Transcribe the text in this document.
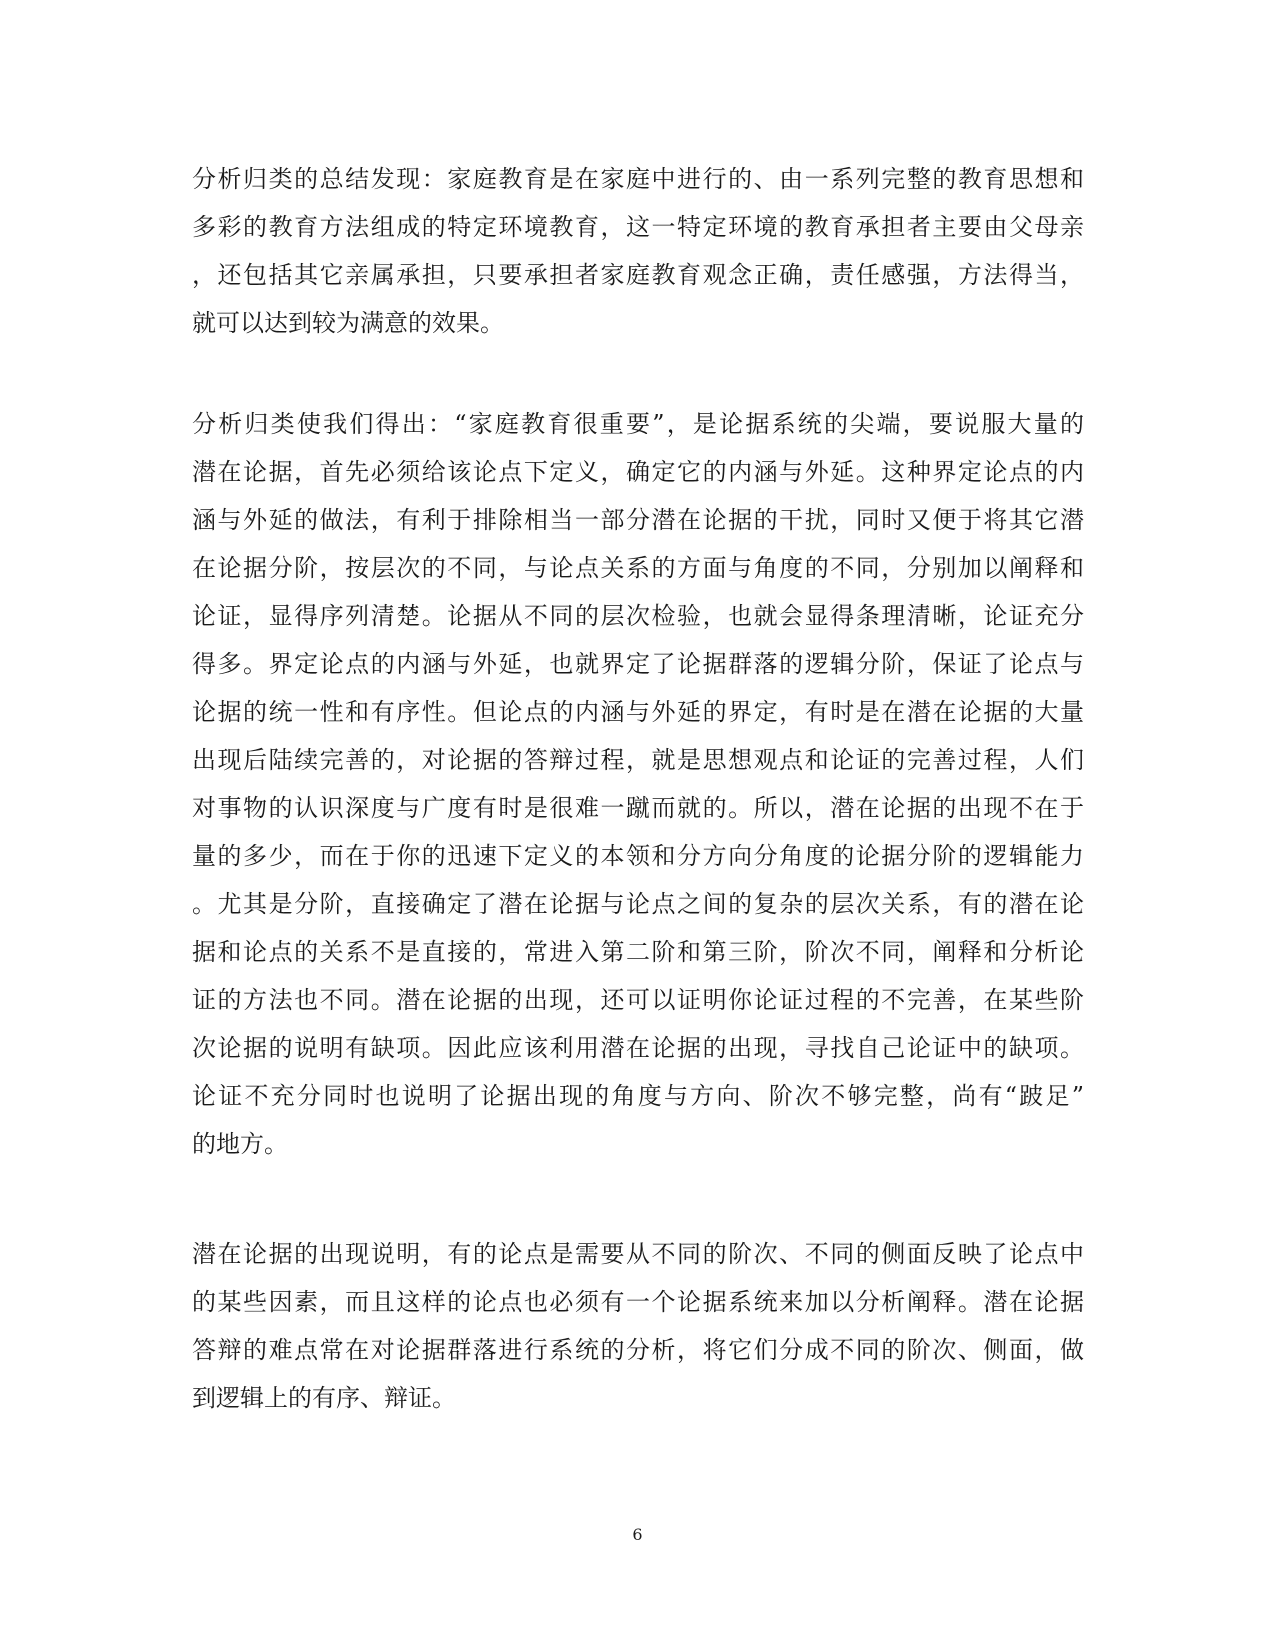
分析归类的总结发现：家庭教育是在家庭中进行的、由一系列完整的教育思想和
多彩的教育方法组成的特定环境教育，这一特定环境的教育承担者主要由父母亲
，还包括其它亲属承担，只要承担者家庭教育观念正确，责任感强，方法得当，
就可以达到较为满意的效果。
分析归类使我们得出：“家庭教育很重要”，是论据系统的尖端，要说服大量的
潜在论据，首先必须给该论点下定义，确定它的内涵与外延。这种界定论点的内
涵与外延的做法，有利于排除相当一部分潜在论据的干扰，同时又便于将其它潜
在论据分阶，按层次的不同，与论点关系的方面与角度的不同，分别加以阐释和
论证，显得序列清楚。论据从不同的层次检验，也就会显得条理清晰，论证充分
得多。界定论点的内涵与外延，也就界定了论据群落的逻辑分阶，保证了论点与
论据的统一性和有序性。但论点的内涵与外延的界定，有时是在潜在论据的大量
出现后陆续完善的，对论据的答辩过程，就是思想观点和论证的完善过程，人们
对事物的认识深度与广度有时是很难一蹴而就的。所以，潜在论据的出现不在于
量的多少，而在于你的迅速下定义的本领和分方向分角度的论据分阶的逻辑能力
。尤其是分阶，直接确定了潜在论据与论点之间的复杂的层次关系，有的潜在论
据和论点的关系不是直接的，常进入第二阶和第三阶，阶次不同，阐释和分析论
证的方法也不同。潜在论据的出现，还可以证明你论证过程的不完善，在某些阶
次论据的说明有缺项。因此应该利用潜在论据的出现，寻找自己论证中的缺项。
论证不充分同时也说明了论据出现的角度与方向、阶次不够完整，尚有“跛足”
的地方。
潜在论据的出现说明，有的论点是需要从不同的阶次、不同的侧面反映了论点中
的某些因素，而且这样的论点也必须有一个论据系统来加以分析阐释。潜在论据
答辩的难点常在对论据群落进行系统的分析，将它们分成不同的阶次、侧面，做
到逻辑上的有序、辩证。
6
